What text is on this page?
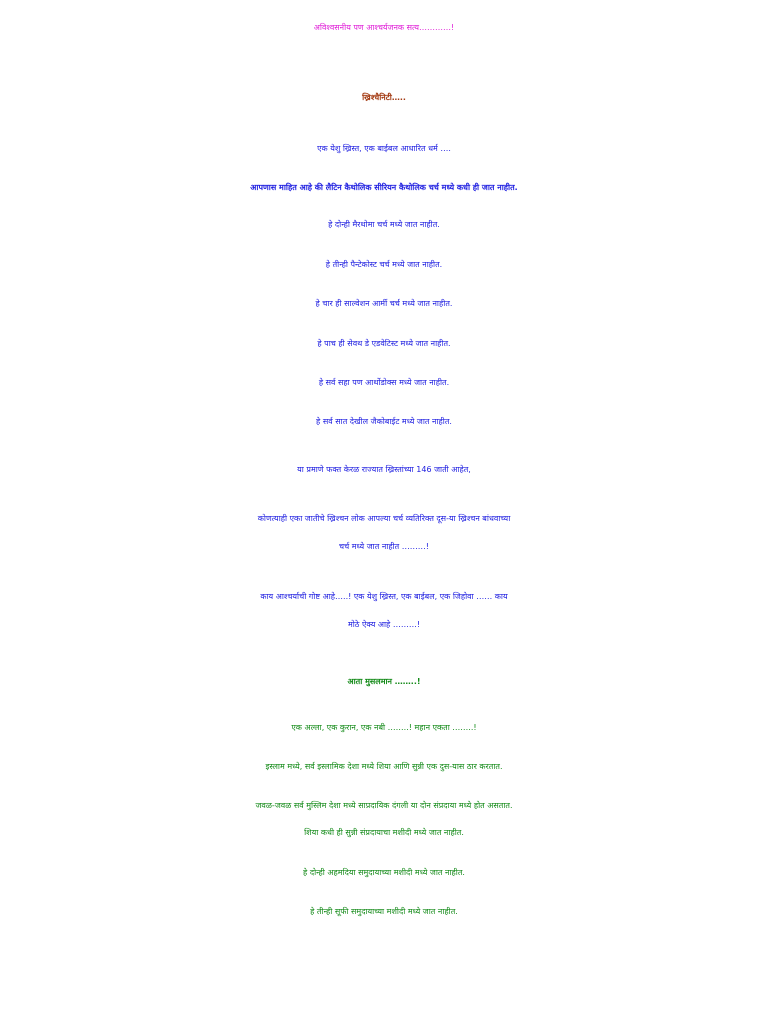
अविश्वसनीय पण आश्चर्यजनक सत्य…………!

ख्रिश्चैनिटी…..

एक येशु ख्रिस्त, एक बाईबल आधारित धर्म ….

आपणास माहित आहे की लैटिन कैथोलिक सीरियन कैथोलिक चर्च मध्ये कधी ही जात नाहीत.

हे दोन्ही मैरथोमा चर्च मध्ये जात नाहीत.

हे तीन्ही पैन्टेकोस्ट चर्च मध्ये जात नाहीत.

हे चार ही साल्वेशन आर्मी चर्च मध्ये जात नाहीत.

हे पाच ही सेवथ डे एडवेटिस्ट मध्ये जात नाहीत.

हे सर्व सहा पण आर्थोडोक्स मध्ये जात नाहीत.

हे सर्व सात देखील जैकोबाईट मध्ये जात नाहीत.

या प्रमाणे फक्त केरळ राज्यात ख्रिस्तांच्या 146 जाती आहेत,

कोणत्याही एका जातीचे ख्रिश्चन लोक आपल्या चर्च व्यतिरिक्त दूस-या ख्रिश्चन बांधवाच्या

चर्च मध्ये जात नाहीत ………!

काय आश्चर्याची गोष्ट आहे…..! एक येशु ख्रिस्त, एक बाईबल, एक जिहोवा …… काय

मोठे ऐक्य आहे ………!

आता मुसलमान ……..!

एक अल्ला, एक कुरान, एक नबी ……..! महान एकता ……..!

इस्लाम मध्ये, सर्व इस्लामिक देशा मध्ये शिया आणि सुन्नी एक दुस-यास ठार करतात.

जवळ-जवळ सर्व मुस्लिम देशा मध्ये साप्रदायिक दंगली या दोन संप्रदाया मध्ये होत असतात.

शिया कधी ही सुन्नी संप्रदायाचा मशीदी मध्ये जात नाहीत.

हे दोन्ही अहमदिया समुदायाच्या मशीदी मध्ये जात नाहीत.

हे तीन्ही सूफी समुदायाच्या मशीदी मध्ये जात नाहीत.
